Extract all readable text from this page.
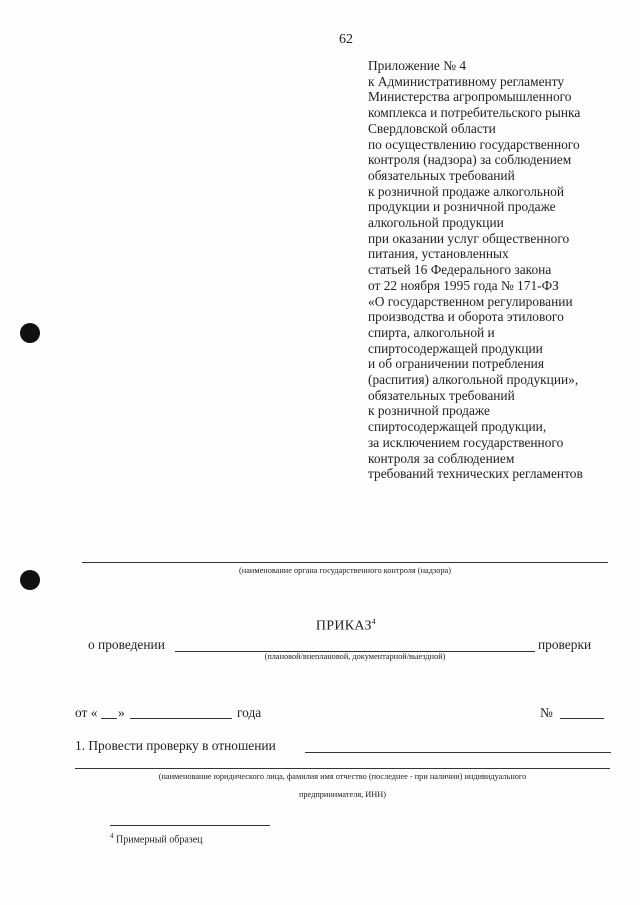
62
Приложение № 4
к Административному регламенту
Министерства агропромышленного
комплекса и потребительского рынка
Свердловской области
по осуществлению государственного
контроля (надзора) за соблюдением
обязательных требований
к розничной продаже алкогольной
продукции и розничной продаже
алкогольной продукции
при оказании услуг общественного
питания, установленных
статьей 16 Федерального закона
от 22 ноября 1995 года № 171-ФЗ
«О государственном регулировании
производства и оборота этилового
спирта, алкогольной и
спиртосодержащей продукции
и об ограничении потребления
(распития) алкогольной продукции»,
обязательных требований
к розничной продаже
спиртосодержащей продукции,
за исключением государственного
контроля за соблюдением
требований технических регламентов
(наименование органа государственного контроля (надзора)
ПРИКАЗ$^4$
о проведении	проверки
(плановой/внеплановой, документарной/выездной)
от « »	года	№
1. Провести проверку в отношении
(наименование юридического лица, фамилия имя отчество (последнее - при наличии) индивидуального
предпринимателя, ИНН)
$^4$ Примерный образец
